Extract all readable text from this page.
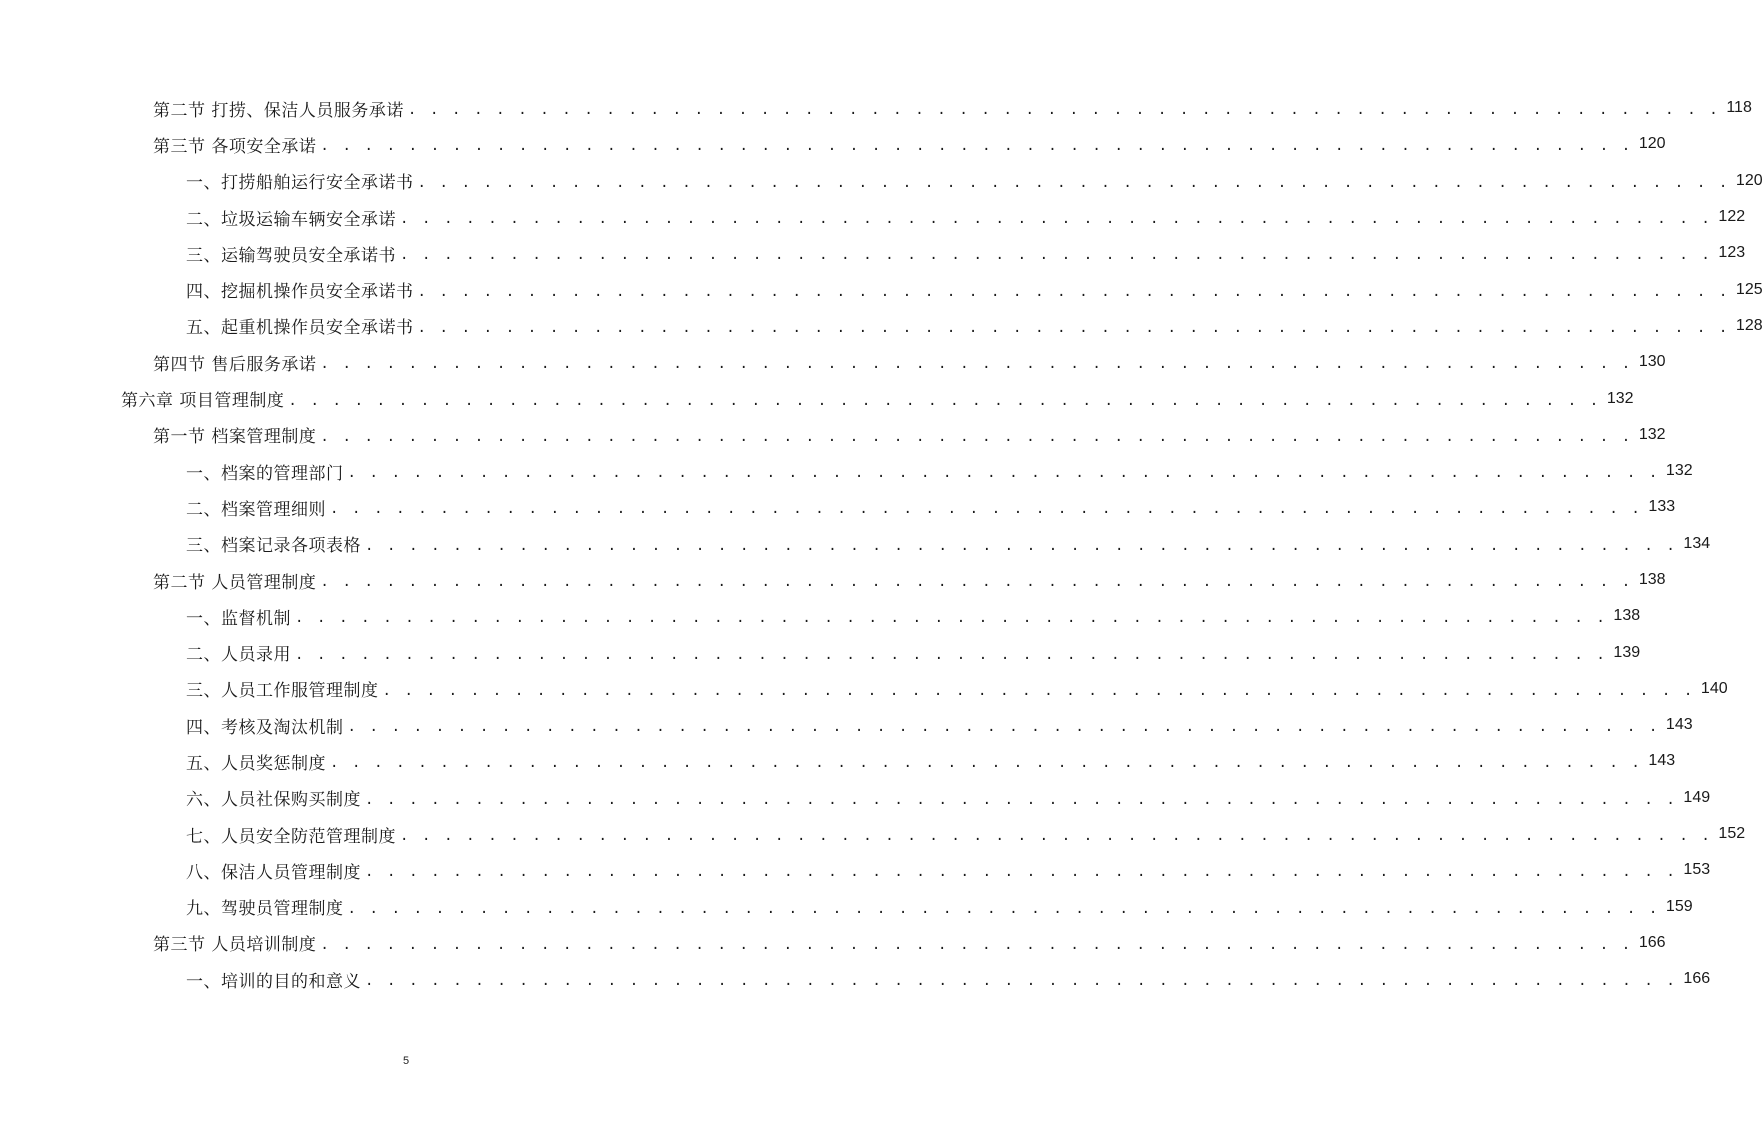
第二节 打捞、保洁人员服务承诺 . . . . . . . . . . . . . . . . . . . . . . . . . . . . . . . . . . . . . . . . . . . . . . . . . . . . . . . . . . . . 118
第三节 各项安全承诺 . . . . . . . . . . . . . . . . . . . . . . . . . . . . . . . . . . . . . . . . . . . . . . . . . . . . . . . . . . . . 120
一、打捞船舶运行安全承诺书 . . . . . . . . . . . . . . . . . . . . . . . . . . . . . . . . . . . . . . . . . . . . . . . . . . . . . . . . . . . . 120
二、垃圾运输车辆安全承诺 . . . . . . . . . . . . . . . . . . . . . . . . . . . . . . . . . . . . . . . . . . . . . . . . . . . . . . . . . . . . 122
三、运输驾驶员安全承诺书 . . . . . . . . . . . . . . . . . . . . . . . . . . . . . . . . . . . . . . . . . . . . . . . . . . . . . . . . . . . . 123
四、挖掘机操作员安全承诺书 . . . . . . . . . . . . . . . . . . . . . . . . . . . . . . . . . . . . . . . . . . . . . . . . . . . . . . . . . . . . 125
五、起重机操作员安全承诺书 . . . . . . . . . . . . . . . . . . . . . . . . . . . . . . . . . . . . . . . . . . . . . . . . . . . . . . . . . . . . 128
第四节 售后服务承诺 . . . . . . . . . . . . . . . . . . . . . . . . . . . . . . . . . . . . . . . . . . . . . . . . . . . . . . . . . . . . 130
第六章 项目管理制度 . . . . . . . . . . . . . . . . . . . . . . . . . . . . . . . . . . . . . . . . . . . . . . . . . . . . . . . . . . . . 132
第一节 档案管理制度 . . . . . . . . . . . . . . . . . . . . . . . . . . . . . . . . . . . . . . . . . . . . . . . . . . . . . . . . . . . . 132
一、档案的管理部门 . . . . . . . . . . . . . . . . . . . . . . . . . . . . . . . . . . . . . . . . . . . . . . . . . . . . . . . . . . . . 132
二、档案管理细则 . . . . . . . . . . . . . . . . . . . . . . . . . . . . . . . . . . . . . . . . . . . . . . . . . . . . . . . . . . . . 133
三、档案记录各项表格 . . . . . . . . . . . . . . . . . . . . . . . . . . . . . . . . . . . . . . . . . . . . . . . . . . . . . . . . . . . . 134
第二节 人员管理制度 . . . . . . . . . . . . . . . . . . . . . . . . . . . . . . . . . . . . . . . . . . . . . . . . . . . . . . . . . . . . 138
一、监督机制 . . . . . . . . . . . . . . . . . . . . . . . . . . . . . . . . . . . . . . . . . . . . . . . . . . . . . . . . . . . . 138
二、人员录用 . . . . . . . . . . . . . . . . . . . . . . . . . . . . . . . . . . . . . . . . . . . . . . . . . . . . . . . . . . . . 139
三、人员工作服管理制度 . . . . . . . . . . . . . . . . . . . . . . . . . . . . . . . . . . . . . . . . . . . . . . . . . . . . . . . . . . . . 140
四、考核及淘汰机制 . . . . . . . . . . . . . . . . . . . . . . . . . . . . . . . . . . . . . . . . . . . . . . . . . . . . . . . . . . . . 143
五、人员奖惩制度 . . . . . . . . . . . . . . . . . . . . . . . . . . . . . . . . . . . . . . . . . . . . . . . . . . . . . . . . . . . . 143
六、人员社保购买制度 . . . . . . . . . . . . . . . . . . . . . . . . . . . . . . . . . . . . . . . . . . . . . . . . . . . . . . . . . . . . 149
七、人员安全防范管理制度 . . . . . . . . . . . . . . . . . . . . . . . . . . . . . . . . . . . . . . . . . . . . . . . . . . . . . . . . . . . . 152
八、保洁人员管理制度 . . . . . . . . . . . . . . . . . . . . . . . . . . . . . . . . . . . . . . . . . . . . . . . . . . . . . . . . . . . . 153
九、驾驶员管理制度 . . . . . . . . . . . . . . . . . . . . . . . . . . . . . . . . . . . . . . . . . . . . . . . . . . . . . . . . . . . . 159
第三节 人员培训制度 . . . . . . . . . . . . . . . . . . . . . . . . . . . . . . . . . . . . . . . . . . . . . . . . . . . . . . . . . . . . 166
一、培训的目的和意义 . . . . . . . . . . . . . . . . . . . . . . . . . . . . . . . . . . . . . . . . . . . . . . . . . . . . . . . . . . . . 166
5
